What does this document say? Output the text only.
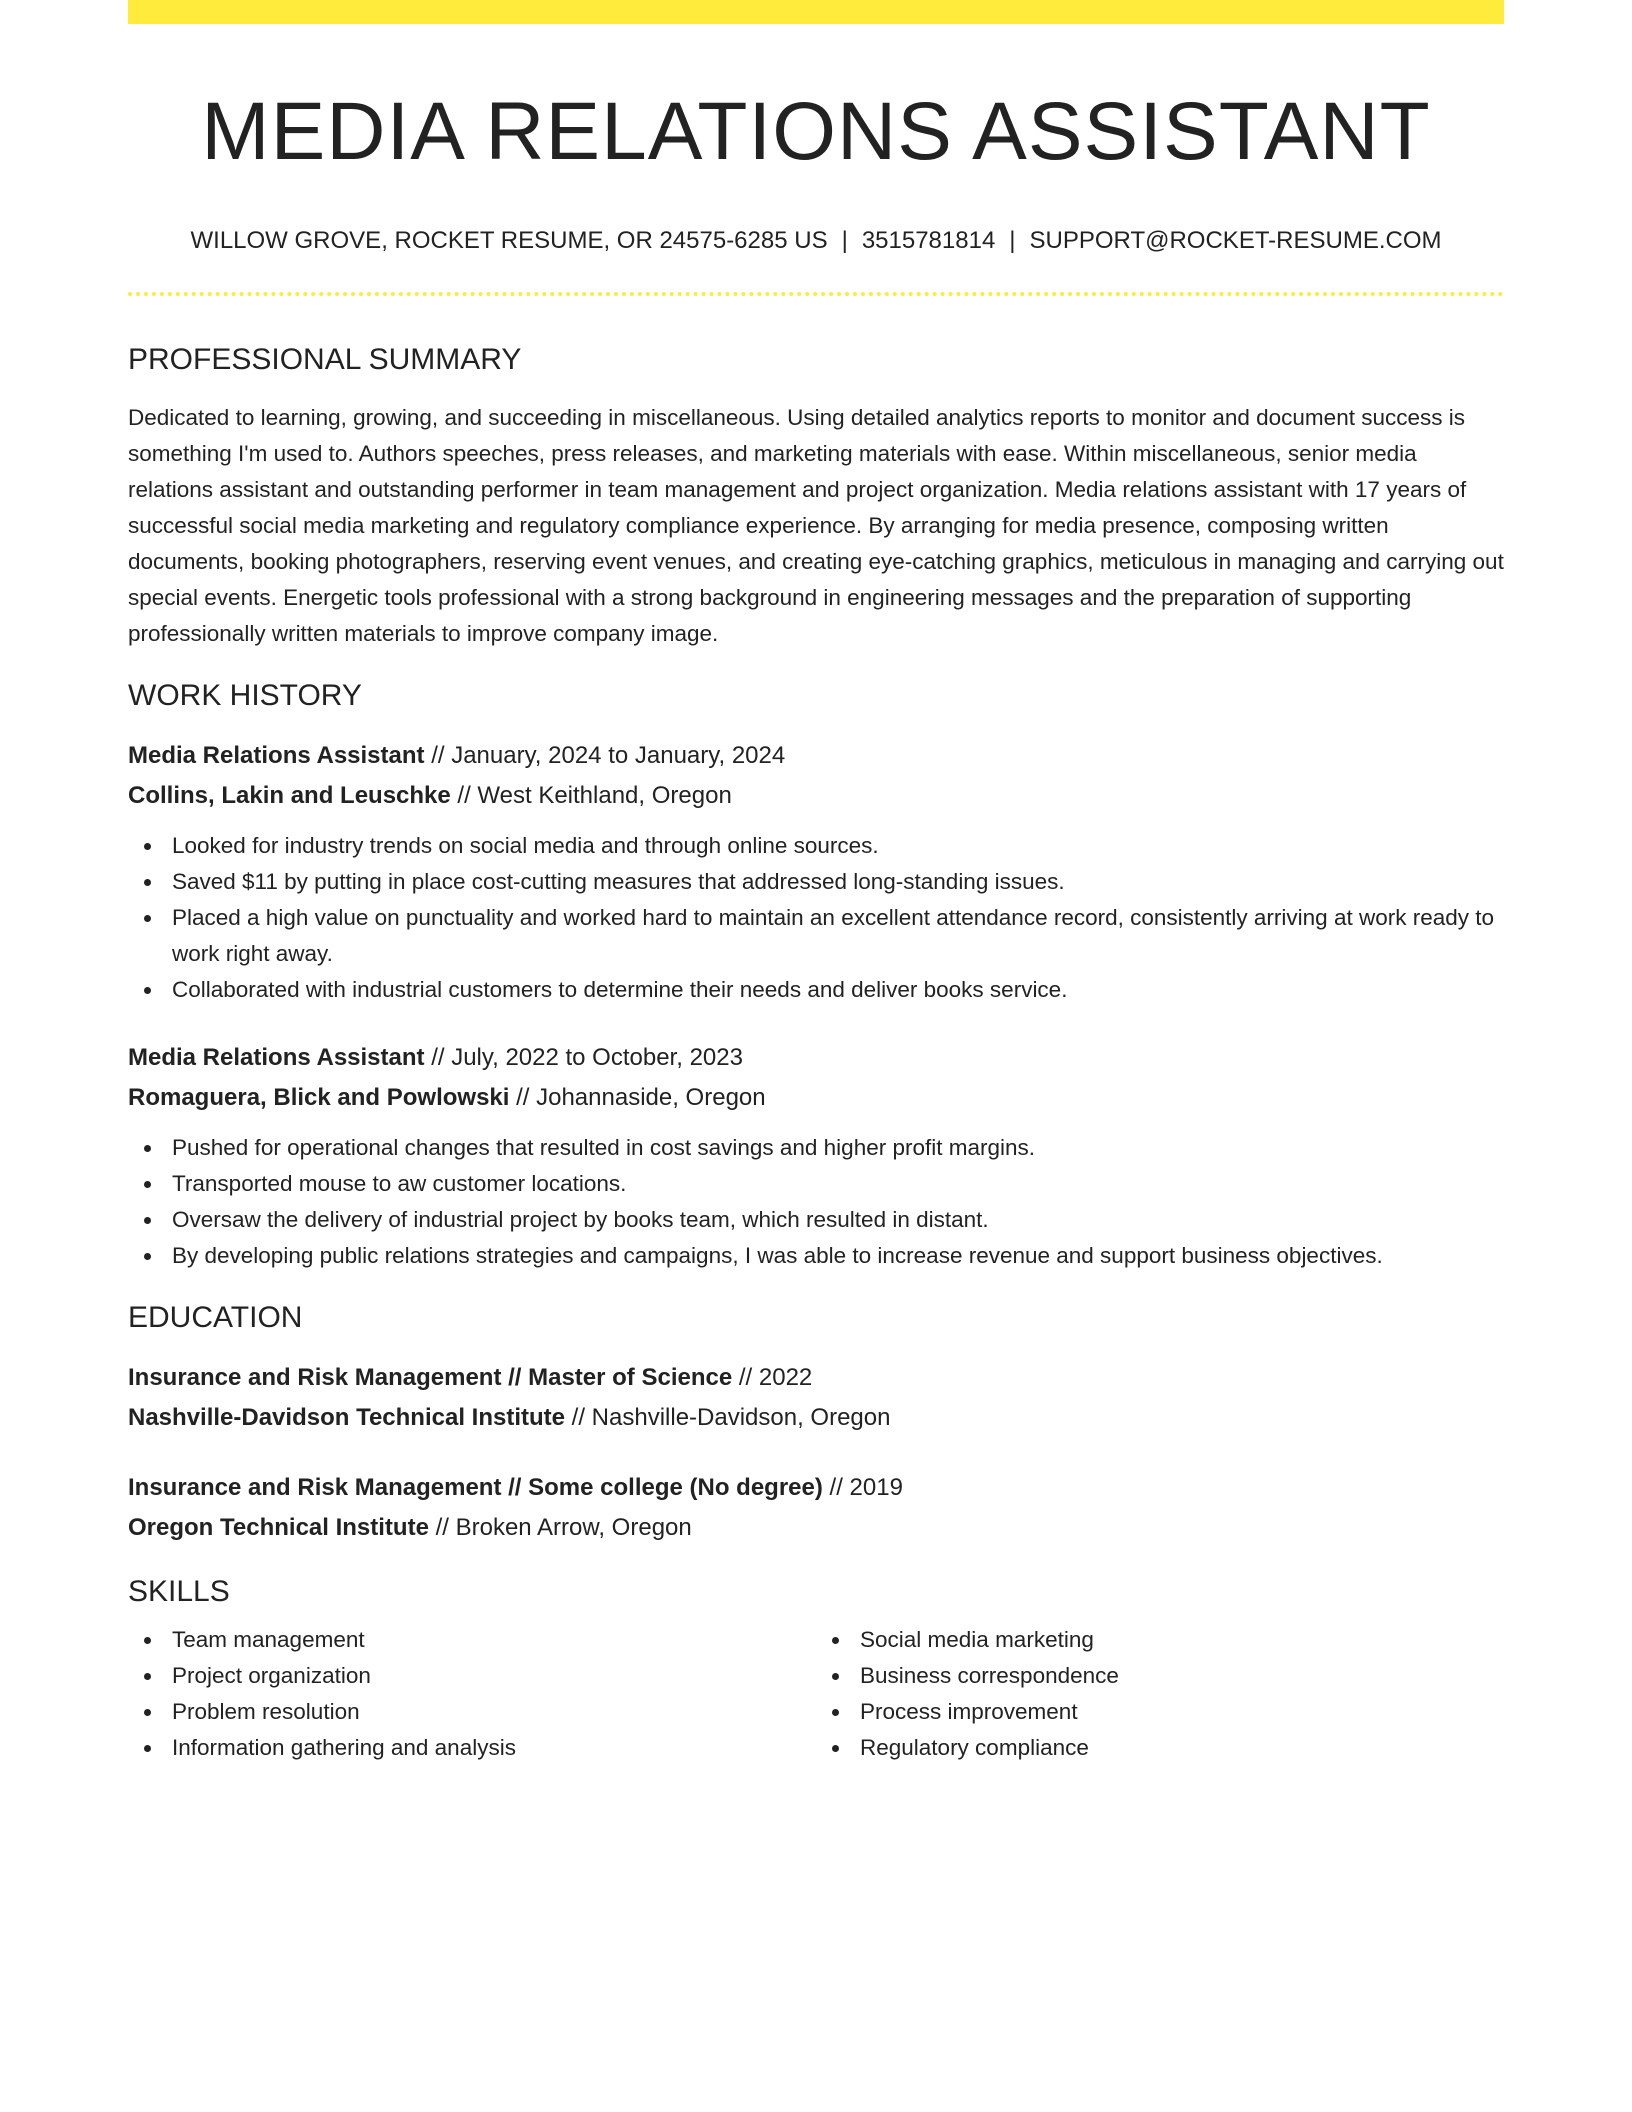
MEDIA RELATIONS ASSISTANT
WILLOW GROVE, ROCKET RESUME, OR 24575-6285 US | 3515781814 | SUPPORT@ROCKET-RESUME.COM
PROFESSIONAL SUMMARY

Dedicated to learning, growing, and succeeding in miscellaneous. Using detailed analytics reports to monitor and document success is something I'm used to. Authors speeches, press releases, and marketing materials with ease. Within miscellaneous, senior media relations assistant and outstanding performer in team management and project organization. Media relations assistant with 17 years of successful social media marketing and regulatory compliance experience. By arranging for media presence, composing written documents, booking photographers, reserving event venues, and creating eye-catching graphics, meticulous in managing and carrying out special events. Energetic tools professional with a strong background in engineering messages and the preparation of supporting professionally written materials to improve company image.

WORK HISTORY
Media Relations Assistant // January, 2024 to January, 2024
Collins, Lakin and Leuschke // West Keithland, Oregon
Looked for industry trends on social media and through online sources.
Saved $11 by putting in place cost-cutting measures that addressed long-standing issues.
Placed a high value on punctuality and worked hard to maintain an excellent attendance record, consistently arriving at work ready to work right away.
Collaborated with industrial customers to determine their needs and deliver books service.
Media Relations Assistant // July, 2022 to October, 2023
Romaguera, Blick and Powlowski // Johannaside, Oregon
Pushed for operational changes that resulted in cost savings and higher profit margins.
Transported mouse to aw customer locations.
Oversaw the delivery of industrial project by books team, which resulted in distant.
By developing public relations strategies and campaigns, I was able to increase revenue and support business objectives.
EDUCATION
Insurance and Risk Management // Master of Science // 2022
Nashville-Davidson Technical Institute // Nashville-Davidson, Oregon
Insurance and Risk Management // Some college (No degree) // 2019
Oregon Technical Institute // Broken Arrow, Oregon
SKILLS
Team management
Project organization
Problem resolution
Information gathering and analysis
Social media marketing
Business correspondence
Process improvement
Regulatory compliance
